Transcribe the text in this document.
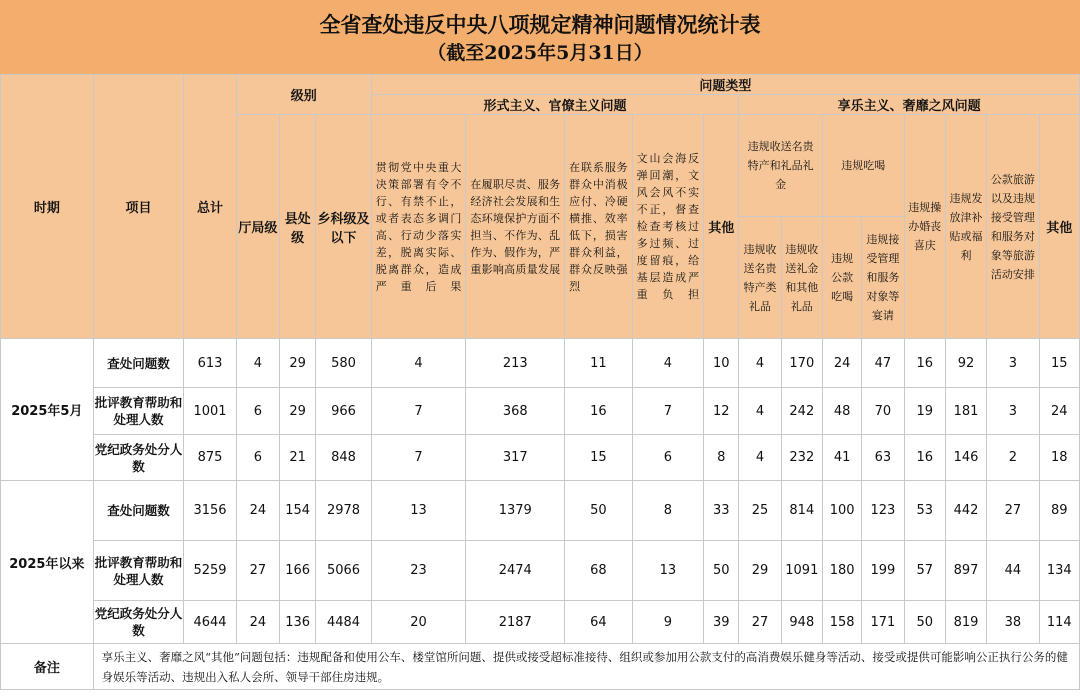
全省查处违反中央八项规定精神问题情况统计表
（截至2025年5月31日）
时期	项目	总计	级别			问题类型												
						形式主义、官僚主义问题					享乐主义、奢靡之风问题							
			厅局级	县处级	乡科级及以下	贯彻党中央重大决策部署有令不行、有禁不止，或者表态多调门高、行动少落实差，脱离实际、脱离群众，造成严重后果	在履职尽责、服务经济社会发展和生态环境保护方面不担当、不作为、乱作为、假作为，严重影响高质量发展	在联系服务群众中消极应付、冷硬横推、效率低下，损害群众利益，群众反映强烈	文山会海反弹回潮，文风会风不实不正，督查检查考核过多过频、过度留痕，给基层造成严重负担	其他	违规收送名贵特产和礼品礼金		违规吃喝		违规操办婚丧喜庆	违规发放津补贴或福利	公款旅游以及违规接受管理和服务对象等旅游活动安排	其他
											违规收送名贵特产类礼品	违规收送礼金和其他礼品	违规公款吃喝	违规接受管理和服务对象等宴请				
2025年5月	查处问题数	613	4	29	580	4	213	11	4	10	4	170	24	47	16	92	3	15
	批评教育帮助和处理人数	1001	6	29	966	7	368	16	7	12	4	242	48	70	19	181	3	24
	党纪政务处分人数	875	6	21	848	7	317	15	6	8	4	232	41	63	16	146	2	18
2025年以来	查处问题数	3156	24	154	2978	13	1379	50	8	33	25	814	100	123	53	442	27	89
	批评教育帮助和处理人数	5259	27	166	5066	23	2474	68	13	50	29	1091	180	199	57	897	44	134
	党纪政务处分人数	4644	24	136	4484	20	2187	64	9	39	27	948	158	171	50	819	38	114
备注	享乐主义、奢靡之风“其他”问题包括：违规配备和使用公车、楼堂馆所问题、提供或接受超标准接待、组织或参加用公款支付的高消费娱乐健身等活动、接受或提供可能影响公正执行公务的健身娱乐等活动、违规出入私人会所、领导干部住房违规。																	
